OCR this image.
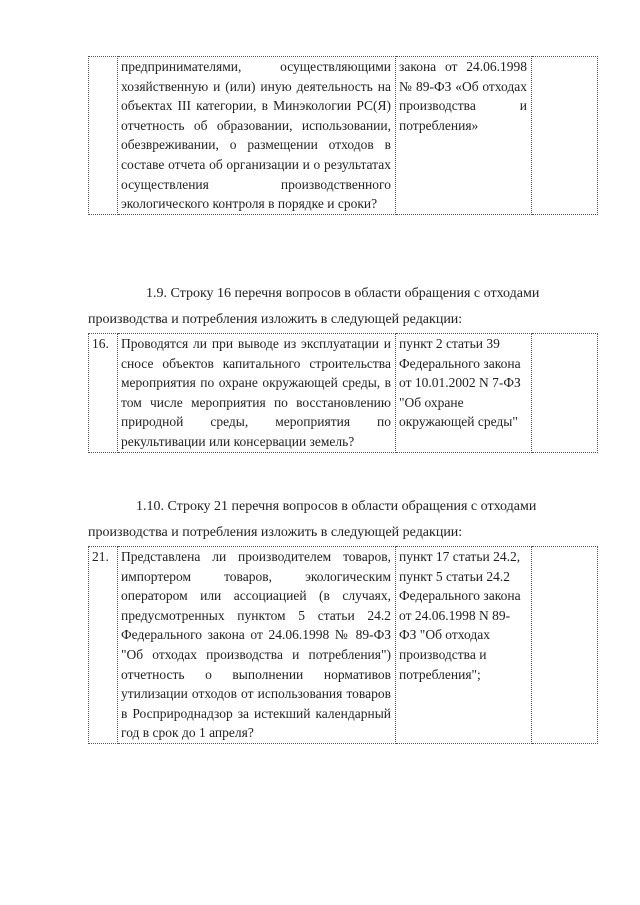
	предпринимателями, осуществляющими хозяйственную и (или) иную деятельность на объектах III категории, в Минэкологии РС(Я) отчетность об образовании, использовании, обезвреживании, о размещении отходов в составе отчета об организации и о результатах осуществления производственного экологического контроля в порядке и сроки?	закона от 24.06.1998 № 89-ФЗ «Об отходах производства и потребления»	
1.9. Строку 16 перечня вопросов в области обращения с отходами
производства и потребления изложить в следующей редакции:
16.	Проводятся ли при выводе из эксплуатации и сносе объектов капитального строительства мероприятия по охране окружающей среды, в том числе мероприятия по восстановлению природной среды, мероприятия по рекультивации или консервации земель?	пункт 2 статьи 39 Федерального закона от 10.01.2002 N 7-ФЗ "Об охране окружающей среды"	
1.10. Строку 21 перечня вопросов в области обращения с отходами
производства и потребления изложить в следующей редакции:
21.	Представлена ли производителем товаров, импортером товаров, экологическим оператором или ассоциацией (в случаях, предусмотренных пунктом 5 статьи 24.2 Федерального закона от 24.06.1998 № 89-ФЗ "Об отходах производства и потребления") отчетность о выполнении нормативов утилизации отходов от использования товаров в Росприроднадзор за истекший календарный год в срок до 1 апреля?	пункт 17 статьи 24.2, пункт 5 статьи 24.2 Федерального закона от 24.06.1998 N 89-ФЗ "Об отходах производства и потребления";	
